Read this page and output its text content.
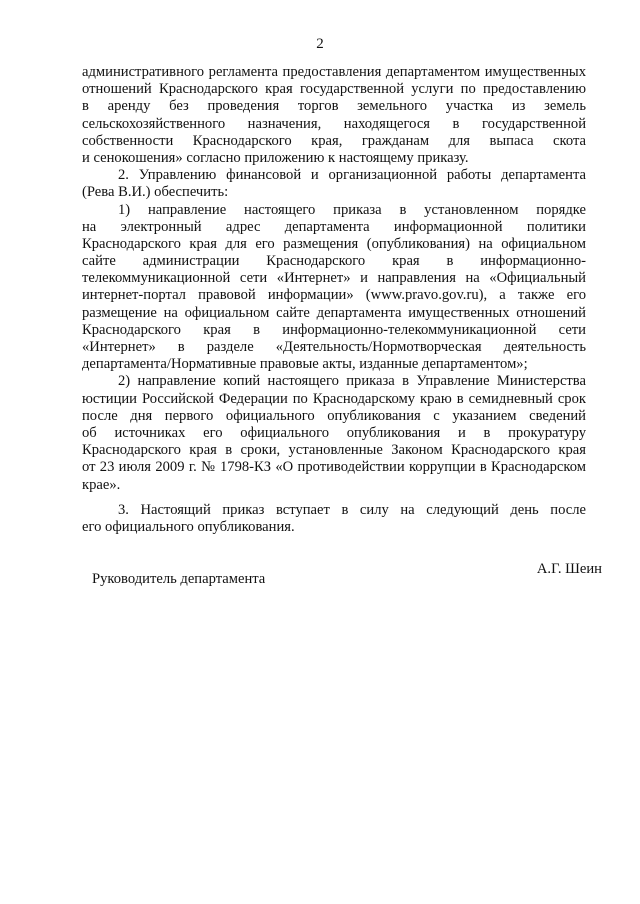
2
административного регламента предоставления департаментом имущественных
отношений Краснодарского края государственной услуги по предоставлению
в аренду без проведения торгов земельного участка из земель
сельскохозяйственного назначения, находящегося в государственной
собственности Краснодарского края, гражданам для выпаса скота
и сенокошения» согласно приложению к настоящему приказу.
2. Управлению финансовой и организационной работы департамента
(Рева В.И.) обеспечить:
1) направление настоящего приказа в установленном порядке
на электронный адрес департамента информационной политики
Краснодарского края для его размещения (опубликования) на официальном
сайте администрации Краснодарского края в информационно-
телекоммуникационной сети «Интернет» и направления на «Официальный
интернет-портал правовой информации» (www.pravo.gov.ru), а также его
размещение на официальном сайте департамента имущественных отношений
Краснодарского края в информационно-телекоммуникационной сети
«Интернет» в разделе «Деятельность/Нормотворческая деятельность
департамента/Нормативные правовые акты, изданные департаментом»;
2) направление копий настоящего приказа в Управление Министерства
юстиции Российской Федерации по Краснодарскому краю в семидневный срок
после дня первого официального опубликования с указанием сведений
об источниках его официального опубликования и в прокуратуру
Краснодарского края в сроки, установленные Законом Краснодарского края
от 23 июля 2009 г. № 1798-КЗ «О противодействии коррупции в Краснодарском
крае».
3. Настоящий приказ вступает в силу на следующий день после
его официального опубликования.
Руководитель департамента
А.Г. Шеин
